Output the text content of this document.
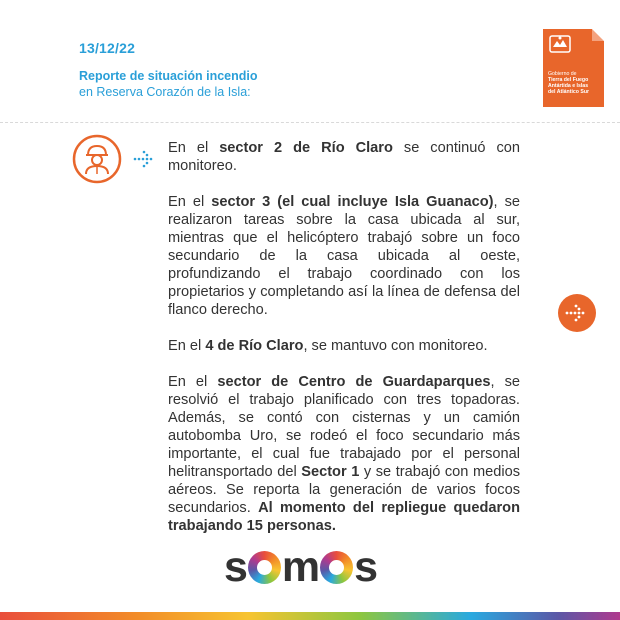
13/12/22
Reporte de situación incendio
en Reserva Corazón de la Isla:
Gobierno de
Tierra del Fuego
Antártida e Islas
del Atlántico Sur

En el sector 2 de Río Claro se continuó con monitoreo.

En el sector 3 (el cual incluye Isla Guanaco), se realizaron tareas sobre la casa ubicada al sur, mientras que el helicóptero trabajó sobre un foco secundario de la casa ubicada al oeste, profundizando el trabajo coordinado con los propietarios y completando así la línea de defensa del flanco derecho.

En el 4 de Río Claro, se mantuvo con monitoreo.

En el sector de Centro de Guardaparques, se resolvió el trabajo planificado con tres topadoras. Además, se contó con cisternas y un camión autobomba Uro, se rodeó el foco secundario más importante, el cual fue trabajado por el personal helitransportado del Sector 1 y se trabajó con medios aéreos. Se reporta la generación de varios focos secundarios. Al momento del repliegue quedaron trabajando 15 personas.

s m s
